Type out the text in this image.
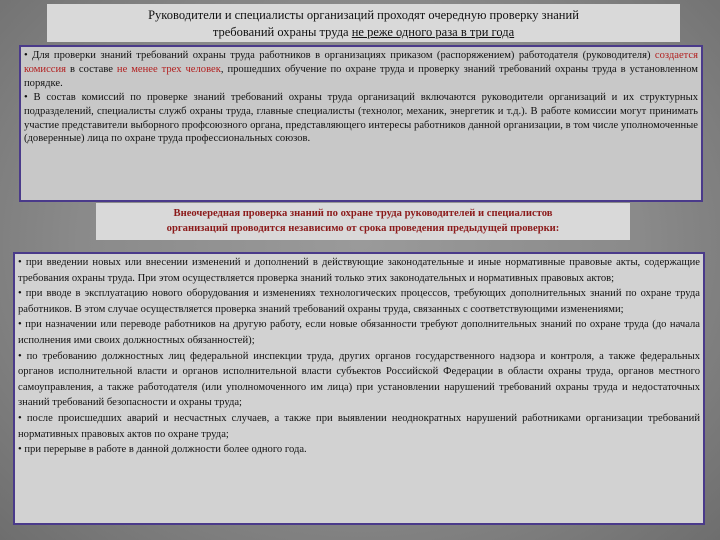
Руководители и специалисты организаций проходят очередную проверку знаний
требований охраны труда не реже одного раза в три года

• Для проверки знаний требований охраны труда работников в организациях приказом (распоряжением) работодателя (руководителя) создается комиссия в составе не менее трех человек, прошедших обучение по охране труда и проверку знаний требований охраны труда в установленном порядке.

• В состав комиссий по проверке знаний требований охраны труда организаций включаются руководители организаций и их структурных подразделений, специалисты служб охраны труда, главные специалисты (технолог, механик, энергетик и т.д.). В работе комиссии могут принимать участие представители выборного профсоюзного органа, представляющего интересы работников данной организации, в том числе уполномоченные (доверенные) лица по охране труда профессиональных союзов.

Внеочередная проверка знаний по охране труда руководителей и специалистов
организаций проводится независимо от срока проведения предыдущей проверки:

• при введении новых или внесении изменений и дополнений в действующие законодательные и иные нормативные правовые акты, содержащие требования охраны труда. При этом осуществляется проверка знаний только этих законодательных и нормативных правовых актов;

• при вводе в эксплуатацию нового оборудования и изменениях технологических процессов, требующих дополнительных знаний по охране труда работников. В этом случае осуществляется проверка знаний требований охраны труда, связанных с соответствующими изменениями;

• при назначении или переводе работников на другую работу, если новые обязанности требуют дополнительных знаний по охране труда (до начала исполнения ими своих должностных обязанностей);

• по требованию должностных лиц федеральной инспекции труда, других органов государственного надзора и контроля, а также федеральных органов исполнительной власти и органов исполнительной власти субъектов Российской Федерации в области охраны труда, органов местного самоуправления, а также работодателя (или уполномоченного им лица) при установлении нарушений требований охраны труда и недостаточных знаний требований безопасности и охраны труда;

• после происшедших аварий и несчастных случаев, а также при выявлении неоднократных нарушений работниками организации требований нормативных правовых актов по охране труда;

• при перерыве в работе в данной должности более одного года.
